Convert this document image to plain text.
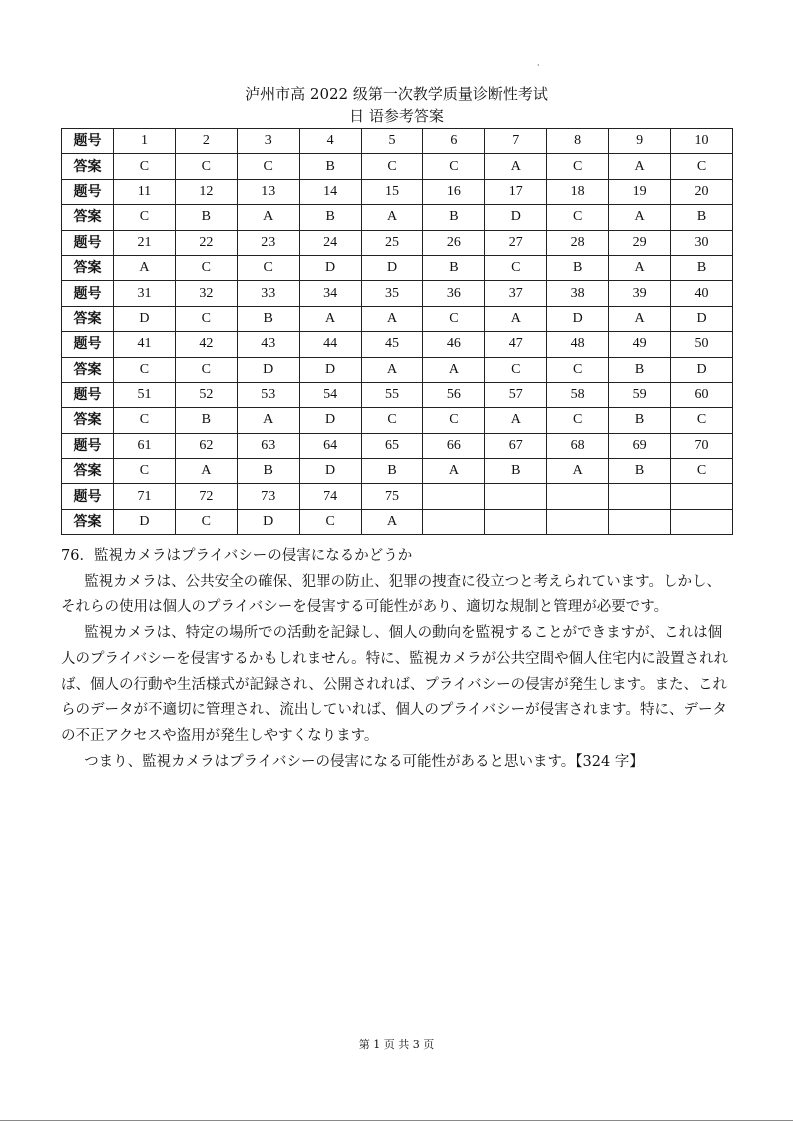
·
泸州市高 2022 级第一次教学质量诊断性考试
日 语参考答案
题号	1	2	3	4	5	6	7	8	9	10
答案	C	C	C	B	C	C	A	C	A	C
题号	11	12	13	14	15	16	17	18	19	20
答案	C	B	A	B	A	B	D	C	A	B
题号	21	22	23	24	25	26	27	28	29	30
答案	A	C	C	D	D	B	C	B	A	B
题号	31	32	33	34	35	36	37	38	39	40
答案	D	C	B	A	A	C	A	D	A	D
题号	41	42	43	44	45	46	47	48	49	50
答案	C	C	D	D	A	A	C	C	B	D
题号	51	52	53	54	55	56	57	58	59	60
答案	C	B	A	D	C	C	A	C	B	C
题号	61	62	63	64	65	66	67	68	69	70
答案	C	A	B	D	B	A	B	A	B	C
题号	71	72	73	74	75					
答案	D	C	D	C	A					

76．監視カメラはプライバシーの侵害になるかどうか

監視カメラは、公共安全の確保、犯罪の防止、犯罪の捜査に役立つと考えられています。しかし、それらの使用は個人のプライバシーを侵害する可能性があり、適切な規制と管理が必要です。

監視カメラは、特定の場所での活動を記録し、個人の動向を監視することができますが、これは個人のプライバシーを侵害するかもしれません。特に、監視カメラが公共空間や個人住宅内に設置されれば、個人の行動や生活様式が記録され、公開されれば、プライバシーの侵害が発生します。また、これらのデータが不適切に管理され、流出していれば、個人のプライバシーが侵害されます。特に、データの不正アクセスや盗用が発生しやすくなります。

つまり、監視カメラはプライバシーの侵害になる可能性があると思います。【324 字】

第 1 页 共 3 页
